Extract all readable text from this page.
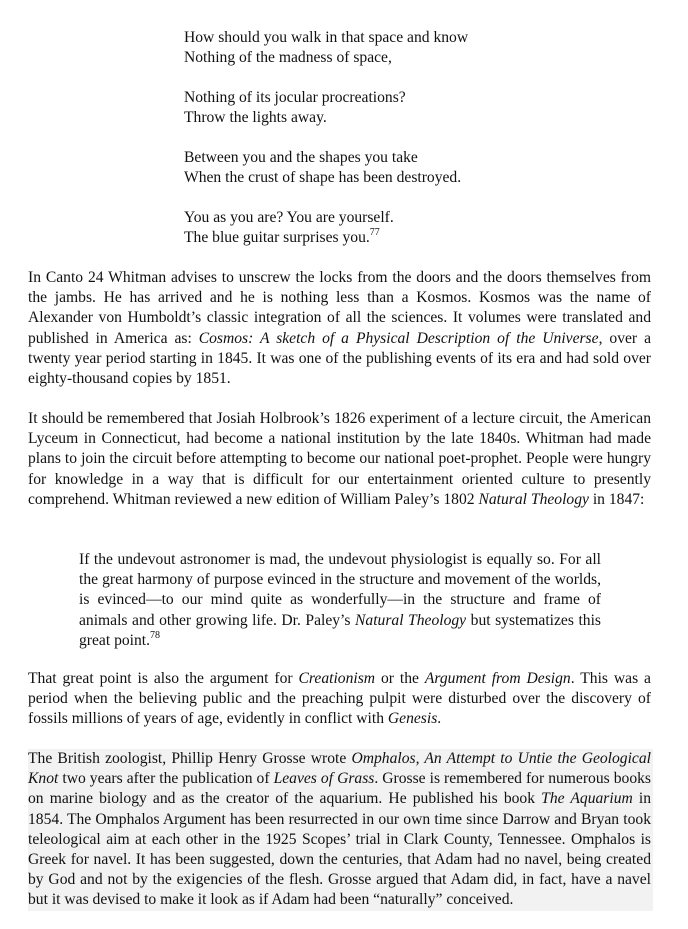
How should you walk in that space and know
Nothing of the madness of space,
Nothing of its jocular procreations?
Throw the lights away.
Between you and the shapes you take
When the crust of shape has been destroyed.
You as you are? You are yourself.
The blue guitar surprises you.$^{77}$

In Canto 24 Whitman advises to unscrew the locks from the doors and the doors themselves from the jambs. He has arrived and he is nothing less than a Kosmos. Kosmos was the name of Alexander von Humboldt’s classic integration of all the sciences. It volumes were translated and published in America as: Cosmos: A sketch of a Physical Description of the Universe, over a twenty year period starting in 1845. It was one of the publishing events of its era and had sold over eighty-thousand copies by 1851.

It should be remembered that Josiah Holbrook’s 1826 experiment of a lecture circuit, the American Lyceum in Connecticut, had become a national institution by the late 1840s. Whitman had made plans to join the circuit before attempting to become our national poet-prophet. People were hungry for knowledge in a way that is difficult for our entertainment oriented culture to presently comprehend. Whitman reviewed a new edition of William Paley’s 1802 Natural Theology in 1847:

If the undevout astronomer is mad, the undevout physiologist is equally so. For all the great harmony of purpose evinced in the structure and movement of the worlds, is evinced—to our mind quite as wonderfully—in the structure and frame of animals and other growing life. Dr. Paley’s Natural Theology but systematizes this great point.$^{78}$

That great point is also the argument for Creationism or the Argument from Design. This was a period when the believing public and the preaching pulpit were disturbed over the discovery of fossils millions of years of age, evidently in conflict with Genesis.

The British zoologist, Phillip Henry Grosse wrote Omphalos, An Attempt to Untie the Geological Knot two years after the publication of Leaves of Grass. Grosse is remembered for numerous books on marine biology and as the creator of the aquarium. He published his book The Aquarium in 1854. The Omphalos Argument has been resurrected in our own time since Darrow and Bryan took teleological aim at each other in the 1925 Scopes’ trial in Clark County, Tennessee. Omphalos is Greek for navel. It has been suggested, down the centuries, that Adam had no navel, being created by God and not by the exigencies of the flesh. Grosse argued that Adam did, in fact, have a navel but it was devised to make it look as if Adam had been “naturally” conceived.
